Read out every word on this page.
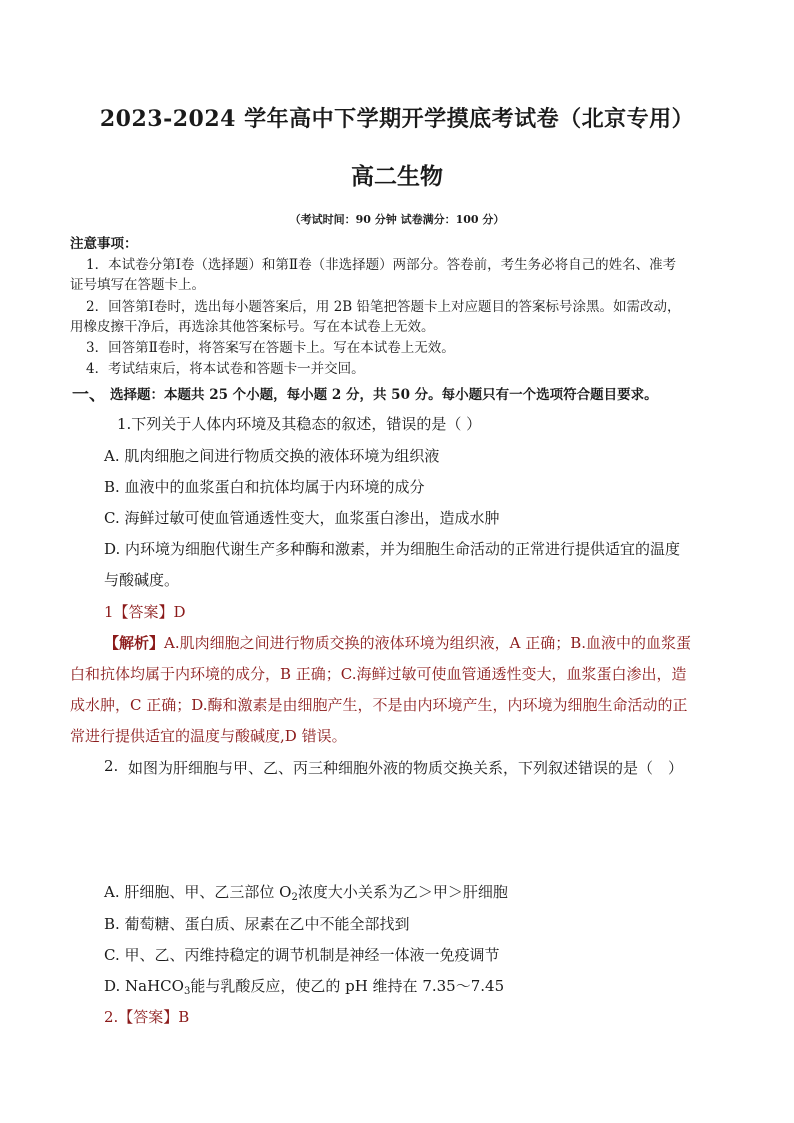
2023-2024 学年高中下学期开学摸底考试卷（北京专用）
高二生物
（考试时间：90 分钟 试卷满分：100 分）
注意事项：
1．本试卷分第Ⅰ卷（选择题）和第Ⅱ卷（非选择题）两部分。答卷前，考生务必将自己的姓名、准考
证号填写在答题卡上。
2．回答第Ⅰ卷时，选出每小题答案后，用 2B 铅笔把答题卡上对应题目的答案标号涂黑。如需改动，
用橡皮擦干净后，再选涂其他答案标号。写在本试卷上无效。
3．回答第Ⅱ卷时，将答案写在答题卡上。写在本试卷上无效。
4．考试结束后，将本试卷和答题卡一并交回。
一、 选择题：本题共 25 个小题，每小题 2 分，共 50 分。每小题只有一个选项符合题目要求。
1.下列关于人体内环境及其稳态的叙述，错误的是（ ）
A. 肌肉细胞之间进行物质交换的液体环境为组织液
B. 血液中的血浆蛋白和抗体均属于内环境的成分
C. 海鲜过敏可使血管通透性变大，血浆蛋白渗出，造成水肿
D. 内环境为细胞代谢生产多种酶和激素，并为细胞生命活动的正常进行提供适宜的温度
与酸碱度。
1【答案】D
【解析】A.肌肉细胞之间进行物质交换的液体环境为组织液，A 正确；B.血液中的血浆蛋
白和抗体均属于内环境的成分，B 正确；C.海鲜过敏可使血管通透性变大，血浆蛋白渗出，造
成水肿，C 正确；D.酶和激素是由细胞产生，不是由内环境产生，内环境为细胞生命活动的正
常进行提供适宜的温度与酸碱度,D 错误。
2. 如图为肝细胞与甲、乙、丙三种细胞外液的物质交换关系，下列叙述错误的是（　）
A. 肝细胞、甲、乙三部位 $O_2$浓度大小关系为乙＞甲＞肝细胞
B. 葡萄糖、蛋白质、尿素在乙中不能全部找到
C. 甲、乙、丙维持稳定的调节机制是神经一体液一免疫调节
D. NaHCO$_3$能与乳酸反应，使乙的 pH 维持在 7.35～7.45
2.【答案】B
